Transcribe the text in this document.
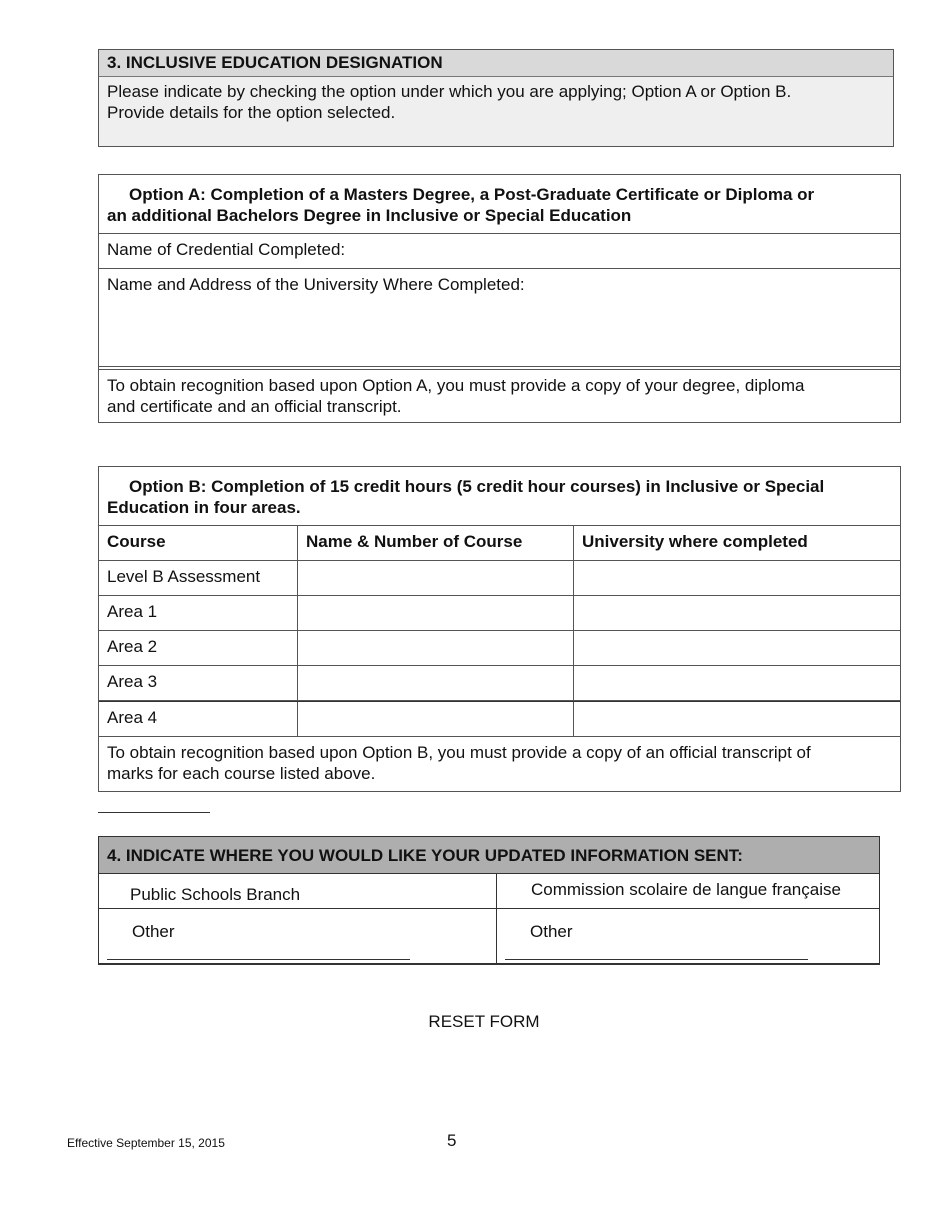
3. INCLUSIVE EDUCATION DESIGNATION
Please indicate by checking the option under which you are applying; Option A or Option B.
Provide details for the option selected.
Option A: Completion of a Masters Degree, a Post-Graduate Certificate or Diploma or
an additional Bachelors Degree in Inclusive or Special Education
Name of Credential Completed:
Name and Address of the University Where Completed:
To obtain recognition based upon Option A, you must provide a copy of your degree, diploma
and certificate and an official transcript.
Option B: Completion of 15 credit hours (5 credit hour courses) in Inclusive or Special
Education in four areas.
Course	Name & Number of Course	University where completed
Level B Assessment
Area 1
Area 2
Area 3
Area 4
To obtain recognition based upon Option B, you must provide a copy of an official transcript of
marks for each course listed above.
4. INDICATE WHERE YOU WOULD LIKE YOUR UPDATED INFORMATION SENT:
Public Schools Branch	Commission scolaire de langue française
Other	Other
RESET FORM
Effective September 15, 2015	5
